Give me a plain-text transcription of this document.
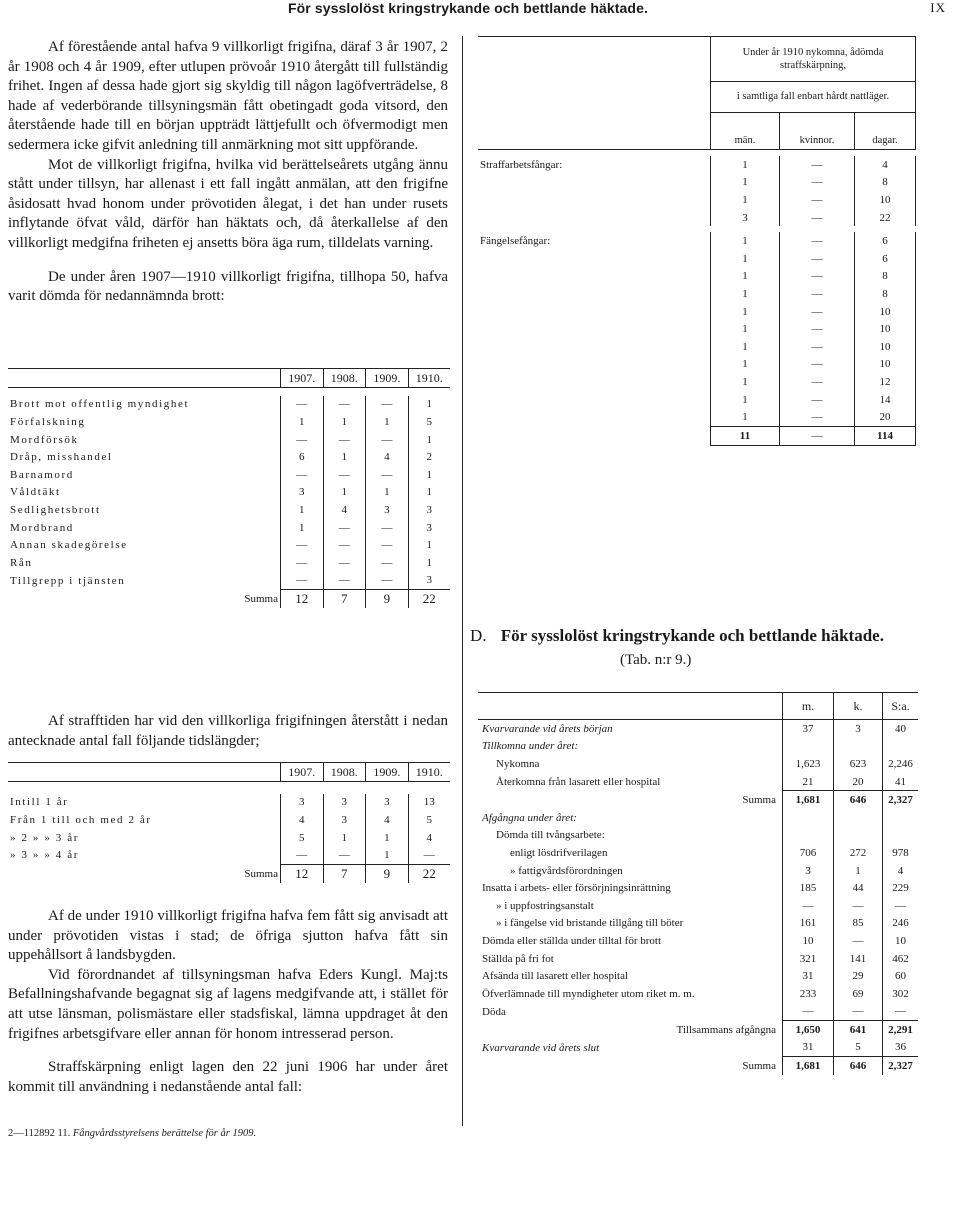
För sysslolöst kringstrykande och bettlande häktade.	IX

Af förestående antal hafva 9 villkorligt frigifna, däraf 3 år 1907, 2 år 1908 och 4 år 1909, efter utlupen prövoår 1910 återgått till fullständig frihet. Ingen af dessa hade gjort sig skyldig till någon lagöfverträdelse, 8 hade af vederbörande tillsyningsmän fått obetingadt goda vitsord, den återstående hade till en början uppträdt lättjefullt och öfvermodigt men sedermera icke gifvit anledning till anmärkning mot sitt uppförande.

Mot de villkorligt frigifna, hvilka vid berättelseårets utgång ännu stått under tillsyn, har allenast i ett fall ingått anmälan, att den frigifne åsidosatt hvad honom under prövotiden ålegat, i det han under rusets inflytande öfvat våld, därför han häktats och, då återkallelse af den villkorligt medgifna friheten ej ansetts böra äga rum, tilldelats varning.

De under åren 1907—1910 villkorligt frigifna, tillhopa 50, hafva varit dömda för nedannämnda brott:

	1907.	1908.	1909.	1910.

Brott mot offentlig myndighet	—	—	—	1
Förfalskning	1	1	1	5
Mordförsök	—	—	—	1
Dråp, misshandel	6	1	4	2
Barnamord	—	—	—	1
Våldtäkt	3	1	1	1
Sedlighetsbrott	1	4	3	3
Mordbrand	1	—	—	3
Annan skadegörelse	—	—	—	1
Rån	—	—	—	1
Tillgrepp i tjänsten	—	—	—	3
Summa	12	7	9	22

Af strafftiden har vid den villkorliga frigifningen återstått i nedan antecknade antal fall följande tidslängder;

	1907.	1908.	1909.	1910.

Intill 1 år	3	3	3	13
Från 1 till och med 2 år	4	3	4	5
» 2 » » 3 år	5	1	1	4
» 3 » » 4 år	—	—	1	—
Summa	12	7	9	22

Af de under 1910 villkorligt frigifna hafva fem fått sig anvisadt att under prövotiden vistas i stad; de öfriga sjutton hafva fått sin uppehållsort å landsbygden.

Vid förordnandet af tillsyningsman hafva Eders Kungl. Maj:ts Befallningshafvande begagnat sig af lagens medgifvande att, i stället för att utse länsman, polismästare eller stadsfiskal, lämna uppdraget åt den frigifnes arbetsgifvare eller annan för honom intresserad person.

Straffskärpning enligt lagen den 22 juni 1906 har under året kommit till användning i nedanstående antal fall:

2—112892 11. Fångvårdsstyrelsens berättelse för år 1909.
	Under år 1910 nykomna, ådömda straffskärpning,		
	i samtliga fall enbart hårdt nattläger.		
	män.	kvinnor.	dagar.

Straffarbetsfångar:	1	—	4
	1	—	8
	1	—	10
	3	—	22

Fängelsefångar:	1	—	6
	1	—	6
	1	—	8
	1	—	8
	1	—	10
	1	—	10
	1	—	10
	1	—	10
	1	—	12
	1	—	14
	1	—	20
	11	—	114
D. För sysslolöst kringstrykande och bettlande häktade.
(Tab. n:r 9.)
	m.	k.	S:a.
Kvarvarande vid årets början	37	3	40
Tillkomna under året:			
Nykomna	1,623	623	2,246
Återkomna från lasarett eller hospital	21	20	41
Summa	1,681	646	2,327
Afgångna under året:			
Dömda till tvångsarbete:			
enligt lösdrifverilagen	706	272	978
» fattigvårdsförordningen	3	1	4
Insatta i arbets- eller försörjningsinrättning	185	44	229
» i uppfostringsanstalt	—	—	—
» i fängelse vid bristande tillgång till böter	161	85	246
Dömda eller ställda under tilltal för brott	10	—	10
Ställda på fri fot	321	141	462
Afsända till lasarett eller hospital	31	29	60
Öfverlämnade till myndigheter utom riket m. m.	233	69	302
Döda	—	—	—
Tillsammans afgångna	1,650	641	2,291
Kvarvarande vid årets slut	31	5	36
Summa	1,681	646	2,327
